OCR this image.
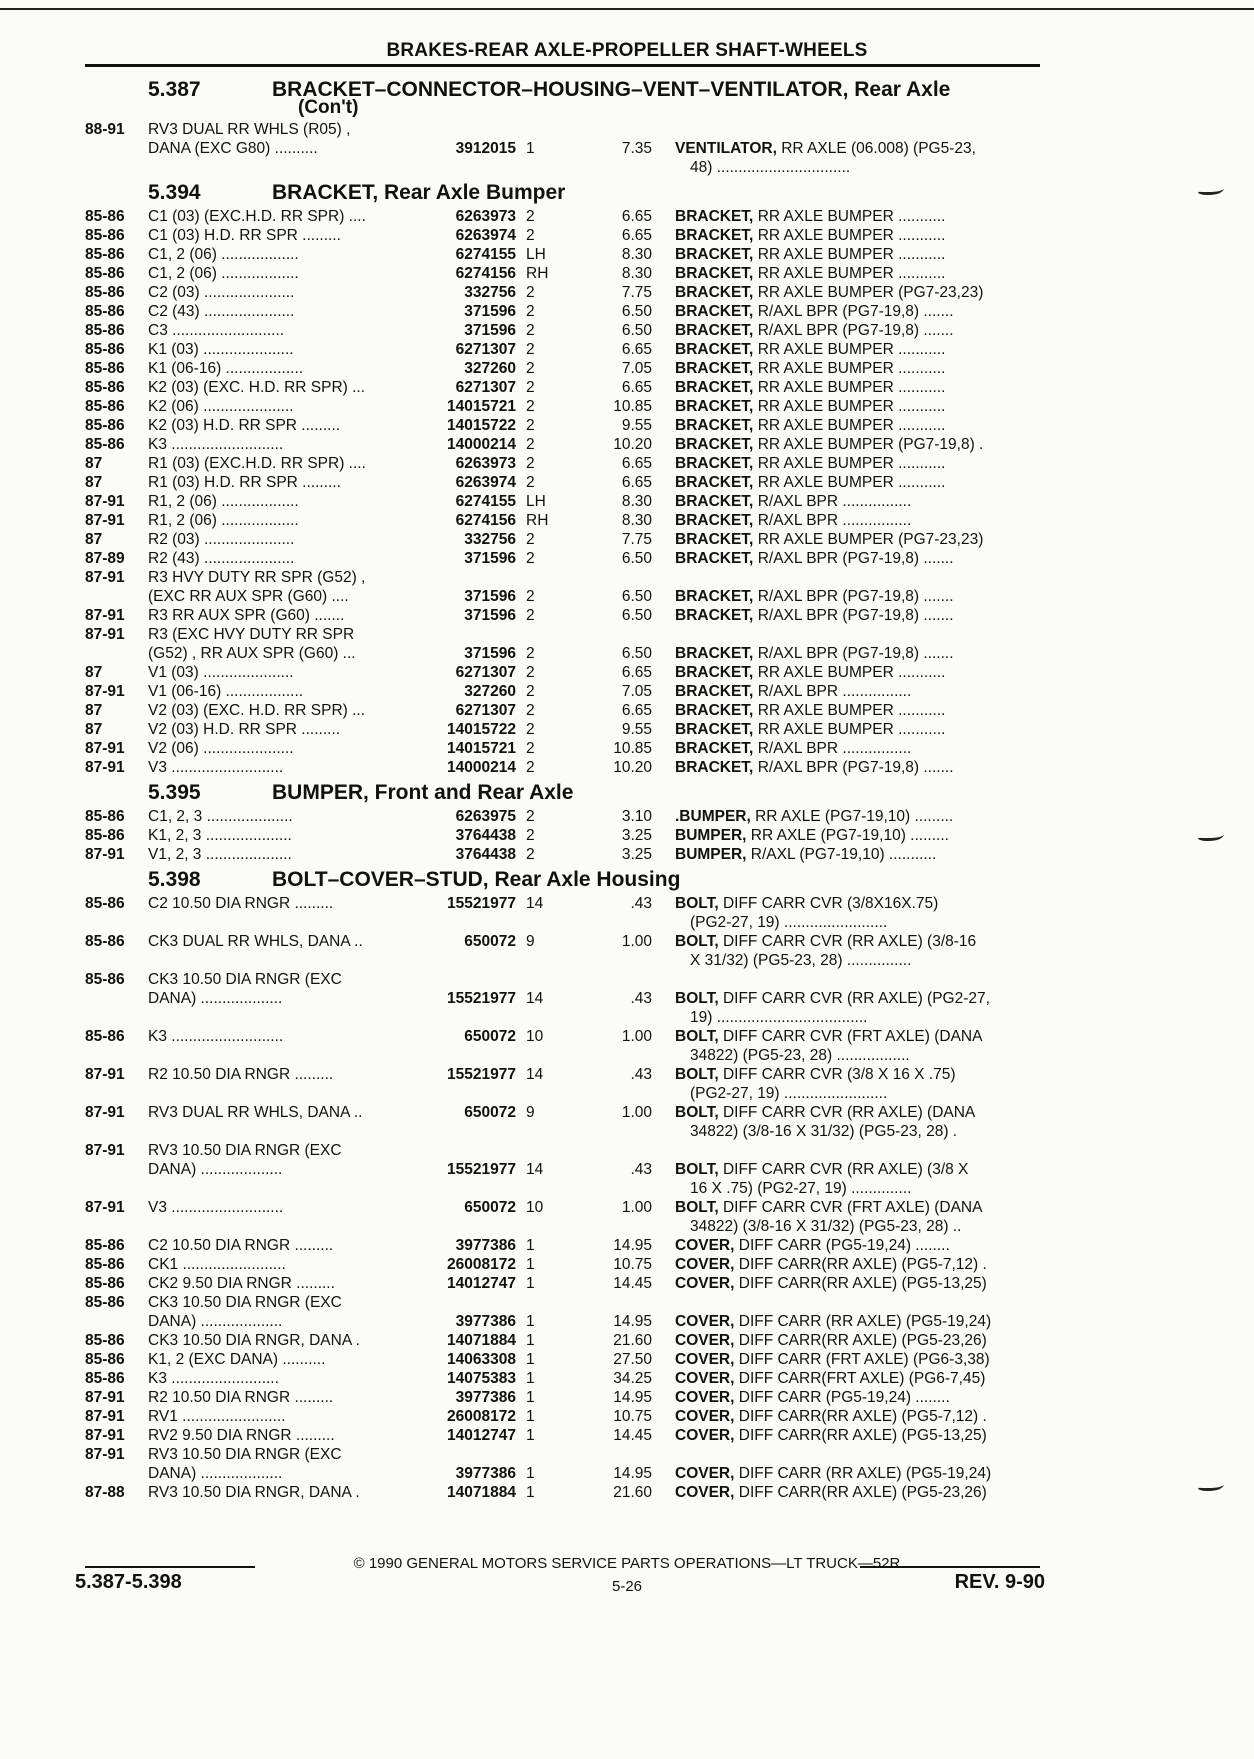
BRAKES-REAR AXLE-PROPELLER SHAFT-WHEELS
5.387	BRACKET–CONNECTOR–HOUSING–VENT–VENTILATOR, Rear Axle
(Con't)
88-91 RV3 DUAL RR WHLS (R05) ,
DANA (EXC G80) ..........	3912015 1	7.35 VENTILATOR, RR AXLE (06.008) (PG5-23,
48) ...............................
5.394	BRACKET, Rear Axle Bumper
85-86 C1 (03) (EXC.H.D. RR SPR) ....	6263973 2	6.65 BRACKET, RR AXLE BUMPER ...........
85-86 C1 (03) H.D. RR SPR .........	6263974 2	6.65 BRACKET, RR AXLE BUMPER ...........
85-86 C1, 2 (06) ..................	6274155 LH	8.30 BRACKET, RR AXLE BUMPER ...........
85-86 C1, 2 (06) ..................	6274156 RH	8.30 BRACKET, RR AXLE BUMPER ...........
85-86 C2 (03) .....................	332756 2	7.75 BRACKET, RR AXLE BUMPER (PG7-23,23)
85-86 C2 (43) .....................	371596 2	6.50 BRACKET, R/AXL BPR (PG7-19,8) .......
85-86 C3 ..........................	371596 2	6.50 BRACKET, R/AXL BPR (PG7-19,8) .......
85-86 K1 (03) .....................	6271307 2	6.65 BRACKET, RR AXLE BUMPER ...........
85-86 K1 (06-16) ..................	327260 2	7.05 BRACKET, RR AXLE BUMPER ...........
85-86 K2 (03) (EXC. H.D. RR SPR) ...	6271307 2	6.65 BRACKET, RR AXLE BUMPER ...........
85-86 K2 (06) .....................	14015721 2	10.85 BRACKET, RR AXLE BUMPER ...........
85-86 K2 (03) H.D. RR SPR .........	14015722 2	9.55 BRACKET, RR AXLE BUMPER ...........
85-86 K3 ..........................	14000214 2	10.20 BRACKET, RR AXLE BUMPER (PG7-19,8) .
87	R1 (03) (EXC.H.D. RR SPR) ....	6263973 2	6.65 BRACKET, RR AXLE BUMPER ...........
87	R1 (03) H.D. RR SPR .........	6263974 2	6.65 BRACKET, RR AXLE BUMPER ...........
87-91 R1, 2 (06) ..................	6274155 LH	8.30 BRACKET, R/AXL BPR ................
87-91 R1, 2 (06) ..................	6274156 RH	8.30 BRACKET, R/AXL BPR ................
87	R2 (03) .....................	332756 2	7.75 BRACKET, RR AXLE BUMPER (PG7-23,23)
87-89 R2 (43) .....................	371596 2	6.50 BRACKET, R/AXL BPR (PG7-19,8) .......
87-91 R3 HVY DUTY RR SPR (G52) ,
(EXC RR AUX SPR (G60) ....	371596 2	6.50 BRACKET, R/AXL BPR (PG7-19,8) .......
87-91 R3 RR AUX SPR (G60) .......	371596 2	6.50 BRACKET, R/AXL BPR (PG7-19,8) .......
87-91 R3 (EXC HVY DUTY RR SPR
(G52) , RR AUX SPR (G60) ...	371596 2	6.50 BRACKET, R/AXL BPR (PG7-19,8) .......
87	V1 (03) .....................	6271307 2	6.65 BRACKET, RR AXLE BUMPER ...........
87-91 V1 (06-16) ..................	327260 2	7.05 BRACKET, R/AXL BPR ................
87	V2 (03) (EXC. H.D. RR SPR) ...	6271307 2	6.65 BRACKET, RR AXLE BUMPER ...........
87	V2 (03) H.D. RR SPR .........	14015722 2	9.55 BRACKET, RR AXLE BUMPER ...........
87-91 V2 (06) .....................	14015721 2	10.85 BRACKET, R/AXL BPR ................
87-91 V3 ..........................	14000214 2	10.20 BRACKET, R/AXL BPR (PG7-19,8) .......
5.395	BUMPER, Front and Rear Axle
85-86 C1, 2, 3 ....................	6263975 2	3.10 .BUMPER, RR AXLE (PG7-19,10) .........
85-86 K1, 2, 3 ....................	3764438 2	3.25 BUMPER, RR AXLE (PG7-19,10) .........
87-91 V1, 2, 3 ....................	3764438 2	3.25 BUMPER, R/AXL (PG7-19,10) ...........
5.398	BOLT–COVER–STUD, Rear Axle Housing
85-86 C2 10.50 DIA RNGR .........	15521977 14	.43 BOLT, DIFF CARR CVR (3/8X16X.75)
(PG2-27, 19) ........................
85-86 CK3 DUAL RR WHLS, DANA ..	650072 9	1.00 BOLT, DIFF CARR CVR (RR AXLE) (3/8-16
X 31/32) (PG5-23, 28) ...............
85-86 CK3 10.50 DIA RNGR (EXC
DANA) ...................	15521977 14	.43 BOLT, DIFF CARR CVR (RR AXLE) (PG2-27,
19) ...................................
85-86 K3 ..........................	650072 10	1.00 BOLT, DIFF CARR CVR (FRT AXLE) (DANA
34822) (PG5-23, 28) .................
87-91 R2 10.50 DIA RNGR .........	15521977 14	.43 BOLT, DIFF CARR CVR (3/8 X 16 X .75)
(PG2-27, 19) ........................
87-91 RV3 DUAL RR WHLS, DANA ..	650072 9	1.00 BOLT, DIFF CARR CVR (RR AXLE) (DANA
34822) (3/8-16 X 31/32) (PG5-23, 28) .
87-91 RV3 10.50 DIA RNGR (EXC
DANA) ...................	15521977 14	.43 BOLT, DIFF CARR CVR (RR AXLE) (3/8 X
16 X .75) (PG2-27, 19) ..............
87-91 V3 ..........................	650072 10	1.00 BOLT, DIFF CARR CVR (FRT AXLE) (DANA
34822) (3/8-16 X 31/32) (PG5-23, 28) ..
85-86 C2 10.50 DIA RNGR .........	3977386 1	14.95 COVER, DIFF CARR (PG5-19,24) ........
85-86 CK1 ........................	26008172 1	10.75 COVER, DIFF CARR(RR AXLE) (PG5-7,12) .
85-86 CK2 9.50 DIA RNGR .........	14012747 1	14.45 COVER, DIFF CARR(RR AXLE) (PG5-13,25)
85-86 CK3 10.50 DIA RNGR (EXC
DANA) ...................	3977386 1	14.95 COVER, DIFF CARR (RR AXLE) (PG5-19,24)
85-86 CK3 10.50 DIA RNGR, DANA .	14071884 1	21.60 COVER, DIFF CARR(RR AXLE) (PG5-23,26)
85-86 K1, 2 (EXC DANA) ..........	14063308 1	27.50 COVER, DIFF CARR (FRT AXLE) (PG6-3,38)
85-86 K3 .........................	14075383 1	34.25 COVER, DIFF CARR(FRT AXLE) (PG6-7,45)
87-91 R2 10.50 DIA RNGR .........	3977386 1	14.95 COVER, DIFF CARR (PG5-19,24) ........
87-91 RV1 ........................	26008172 1	10.75 COVER, DIFF CARR(RR AXLE) (PG5-7,12) .
87-91 RV2 9.50 DIA RNGR .........	14012747 1	14.45 COVER, DIFF CARR(RR AXLE) (PG5-13,25)
87-91 RV3 10.50 DIA RNGR (EXC
DANA) ...................	3977386 1	14.95 COVER, DIFF CARR (RR AXLE) (PG5-19,24)
87-88 RV3 10.50 DIA RNGR, DANA .	14071884 1	21.60 COVER, DIFF CARR(RR AXLE) (PG5-23,26)
© 1990 GENERAL MOTORS SERVICE PARTS OPERATIONS—LT TRUCK—52R
5.387-5.398	5-26	REV. 9-90
